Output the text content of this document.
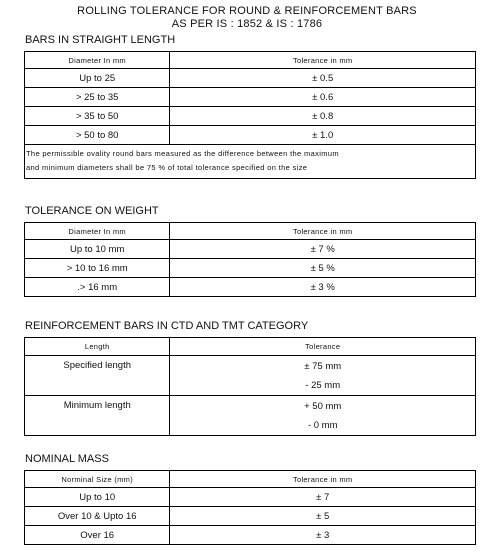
ROLLING TOLERANCE FOR ROUND & REINFORCEMENT BARS
AS PER IS : 1852 & IS : 1786
BARS IN STRAIGHT LENGTH
Diameter In mm	Tolerance in mm
Up to 25	± 0.5
> 25 to 35	± 0.6
> 35 to 50	± 0.8
> 50 to 80	± 1.0

The permissible ovality round bars measured as the difference between the maximum
and minimum diameters shall be 75 % of total tolerance specified on the size	
TOLERANCE ON WEIGHT
Diameter In mm	Tolerance in mm
Up to 10 mm	± 7 %
> 10 to 16 mm	± 5 %
.> 16 mm	± 3 %
REINFORCEMENT BARS IN CTD AND TMT CATEGORY
Length	Tolerance

Specified length	± 75 mm
- 25 mm

Minimum length	+ 50 mm
- 0 mm
NOMINAL MASS
Norminal Size (mm)	Tolerance in mm
Up to 10	± 7
Over 10 & Upto 16	± 5
Over 16	± 3
